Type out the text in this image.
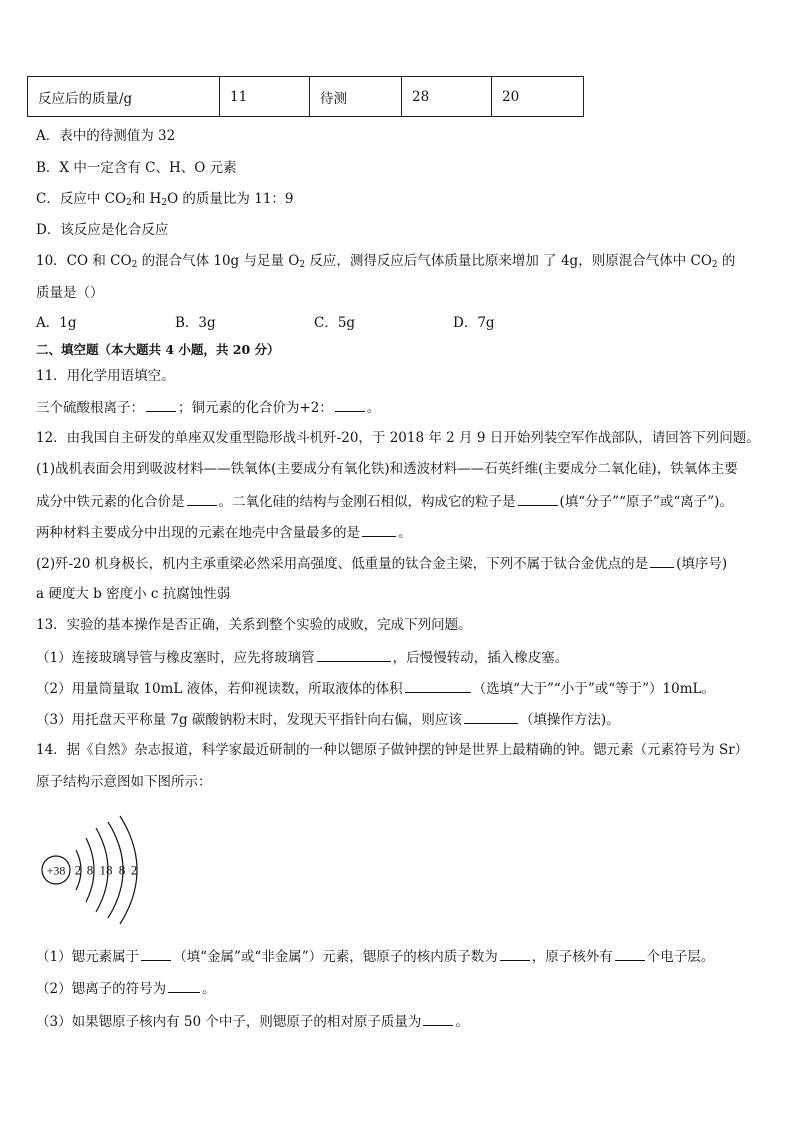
反应后的质量/g	11	待测	28	20
A．表中的待测值为 32
B．X 中一定含有 C、H、O 元素
C．反应中 $CO_2$和 $H_2O$ 的质量比为 11：9
D．该反应是化合反应
10．CO 和 $CO_2$ 的混合气体 10g 与足量 $O_2$ 反应，测得反应后气体质量比原来增加 了 4g，则原混合气体中 $CO_2$ 的
质量是（）
A．1g	B．3g	C．5g	D．7g
二、填空题（本大题共 4 小题，共 20 分）
11．用化学用语填空。
三个硫酸根离子：	；铜元素的化合价为+2：	。
12．由我国自主研发的单座双发重型隐形战斗机歼-20，于 2018 年 2 月 9 日开始列装空军作战部队，请回答下列问题。
(1)战机表面会用到吸波材料——铁氧体(主要成分有氧化铁)和透波材料——石英纤维(主要成分二氧化硅)，铁氧体主要
成分中铁元素的化合价是	。二氧化硅的结构与金刚石相似，构成它的粒子是	(填“分子”“原子”或“离子”)。
两种材料主要成分中出现的元素在地壳中含量最多的是	。
(2)歼-20 机身极长，机内主承重梁必然采用高强度、低重量的钛合金主梁，下列不属于钛合金优点的是 (填序号)
a 硬度大 b 密度小 c 抗腐蚀性弱
13．实验的基本操作是否正确，关系到整个实验的成败，完成下列问题。
（1）连接玻璃导管与橡皮塞时，应先将玻璃管	，后慢慢转动，插入橡皮塞。
（2）用量筒量取 10mL 液体，若仰视读数，所取液体的体积	（选填“大于”“小于”或“等于”）10mL。
（3）用托盘天平称量 7g 碳酸钠粉末时，发现天平指针向右偏，则应该	（填操作方法)。
14．据《自然》杂志报道，科学家最近研制的一种以锶原子做钟摆的钟是世界上最精确的钟。锶元素（元素符号为 Sr）
原子结构示意图如下图所示：
+38 2 8 18 8 2
（1）锶元素属于	（填“金属”或“非金属”）元素，锶原子的核内质子数为	，原子核外有	个电子层。
（2）锶离子的符号为	。
（3）如果锶原子核内有 50 个中子，则锶原子的相对原子质量为	。
